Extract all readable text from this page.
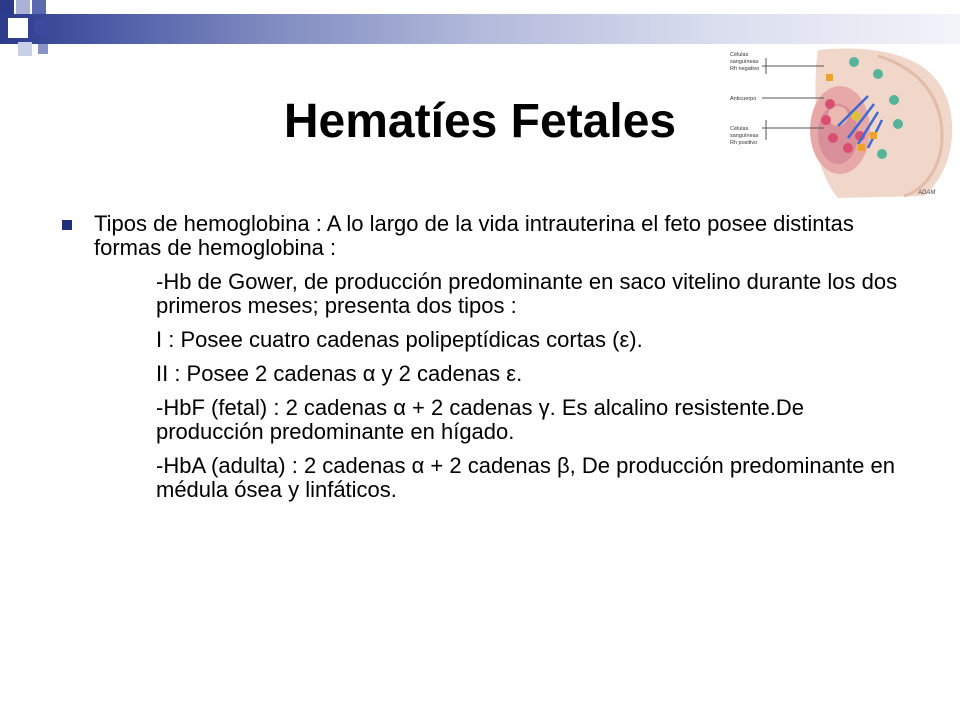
Hematíes Fetales
Células
sanguíneas
Rh negativo
Anticuerpo
Células
sanguíneas
Rh positivo
ADAM
Tipos de hemoglobina : A lo largo de la vida intrauterina el feto posee distintas formas de hemoglobina :
-Hb de Gower, de producción predominante en saco vitelino durante los dos primeros meses; presenta dos tipos :
I : Posee cuatro cadenas polipeptídicas cortas (ε).
II : Posee 2 cadenas α y 2 cadenas ε.
-HbF (fetal) : 2 cadenas α + 2 cadenas γ. Es alcalino resistente.De producción predominante en hígado.
-HbA (adulta) : 2 cadenas α + 2 cadenas β, De producción predominante en médula ósea y linfáticos.
